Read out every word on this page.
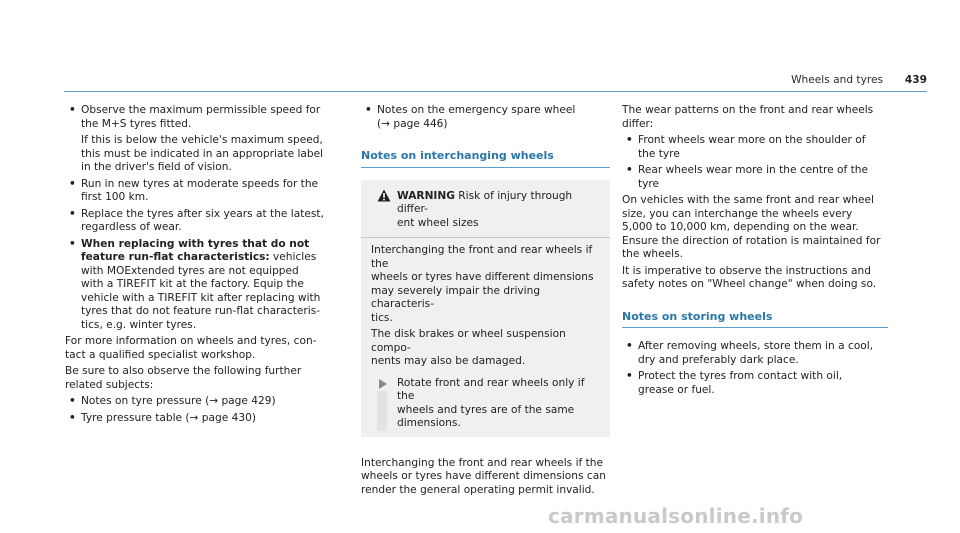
Wheels and tyres 439
• Observe the maximum permissible speed for
the M+S tyres fitted.
If this is below the vehicle's maximum speed,
this must be indicated in an appropriate label
in the driver's field of vision.
• Run in new tyres at moderate speeds for the
first 100 km.
• Replace the tyres after six years at the latest,
regardless of wear.
• When replacing with tyres that do not
feature run-flat characteristics: vehicles
with MOExtended tyres are not equipped
with a TIREFIT kit at the factory. Equip the
vehicle with a TIREFIT kit after replacing with
tyres that do not feature run-flat characteris-
tics, e.g. winter tyres.

For more information on wheels and tyres, con-
tact a qualified specialist workshop.

Be sure to also observe the following further
related subjects:

• Notes on tyre pressure (→ page 429)
• Tyre pressure table (→ page 430)
• Notes on the emergency spare wheel
(→ page 446)
Notes on interchanging wheels
WARNING Risk of injury through differ-
ent wheel sizes

Interchanging the front and rear wheels if the
wheels or tyres have different dimensions
may severely impair the driving characteris-
tics.

The disk brakes or wheel suspension compo-
nents may also be damaged.

Rotate front and rear wheels only if the
wheels and tyres are of the same
dimensions.

Interchanging the front and rear wheels if the
wheels or tyres have different dimensions can
render the general operating permit invalid.

The wear patterns on the front and rear wheels
differ:

• Front wheels wear more on the shoulder of
the tyre
• Rear wheels wear more in the centre of the
tyre

On vehicles with the same front and rear wheel
size, you can interchange the wheels every
5,000 to 10,000 km, depending on the wear.
Ensure the direction of rotation is maintained for
the wheels.

It is imperative to observe the instructions and
safety notes on "Wheel change" when doing so.

Notes on storing wheels
• After removing wheels, store them in a cool,
dry and preferably dark place.
• Protect the tyres from contact with oil,
grease or fuel.
carmanualsonline.info
